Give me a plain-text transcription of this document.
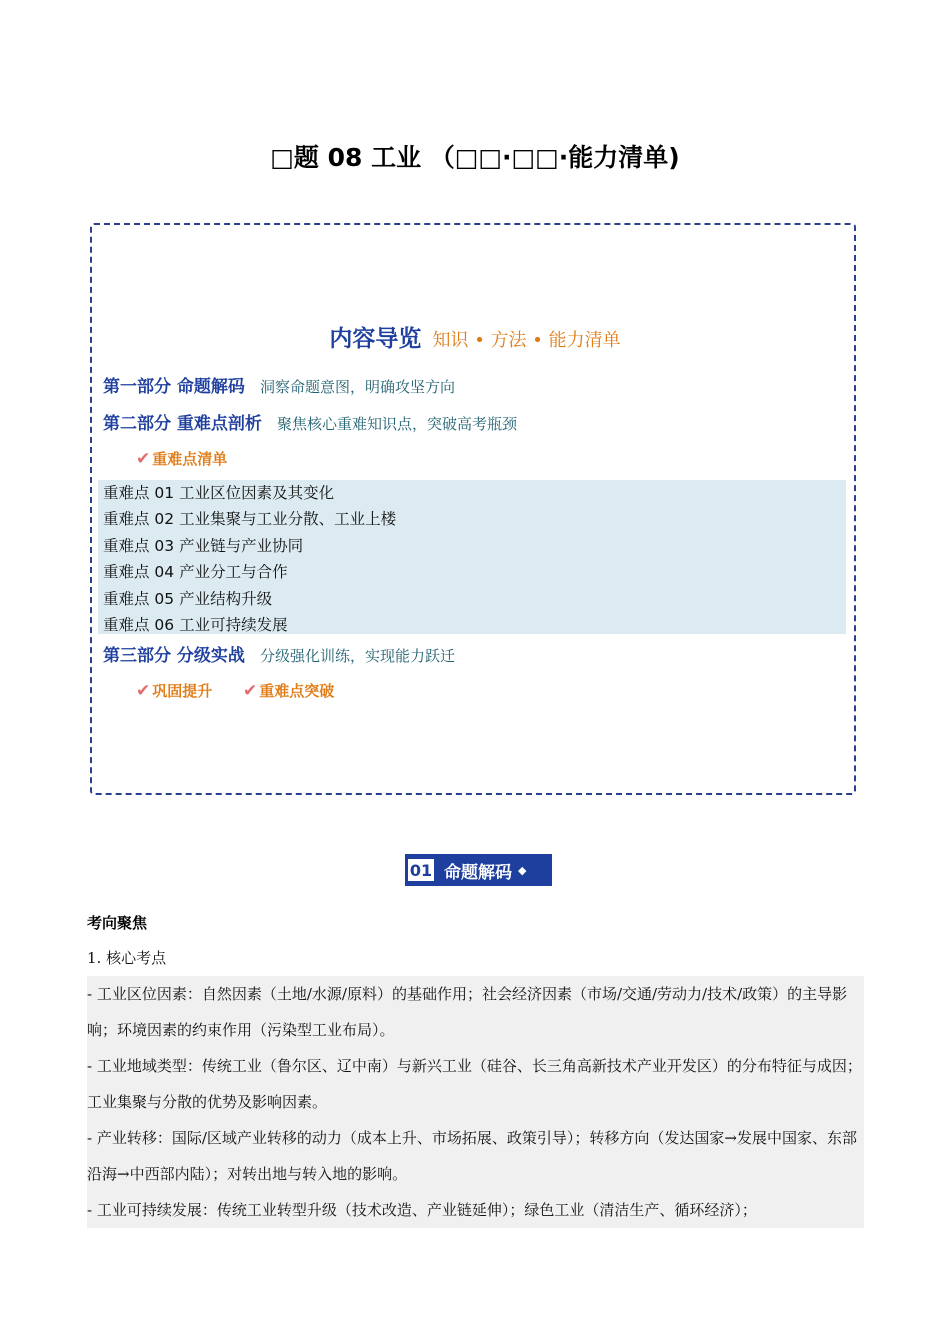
□题 08 工业 （□□·□□·能力清单)
内容导览 知识 • 方法 • 能力清单
第一部分 命题解码 洞察命题意图，明确攻坚方向
第二部分 重难点剖析 聚焦核心重难知识点，突破高考瓶颈
✔ 重难点清单
重难点 01 工业区位因素及其变化
重难点 02 工业集聚与工业分散、工业上楼
重难点 03 产业链与产业协同
重难点 04 产业分工与合作
重难点 05 产业结构升级
重难点 06 工业可持续发展
第三部分 分级实战 分级强化训练，实现能力跃迁
✔ 巩固提升 ✔ 重难点突破
01 命题解码 ◆
考向聚焦
1. 核心考点

- 工业区位因素：自然因素（土地/水源/原料）的基础作用；社会经济因素（市场/交通/劳动力/技术/政策）的主导影响；环境因素的约束作用（污染型工业布局）。

- 工业地域类型：传统工业（鲁尔区、辽中南）与新兴工业（硅谷、长三角高新技术产业开发区）的分布特征与成因；工业集聚与分散的优势及影响因素。

- 产业转移：国际/区域产业转移的动力（成本上升、市场拓展、政策引导）；转移方向（发达国家→发展中国家、东部沿海→中西部内陆）；对转出地与转入地的影响。

- 工业可持续发展：传统工业转型升级（技术改造、产业链延伸）；绿色工业（清洁生产、循环经济）；
